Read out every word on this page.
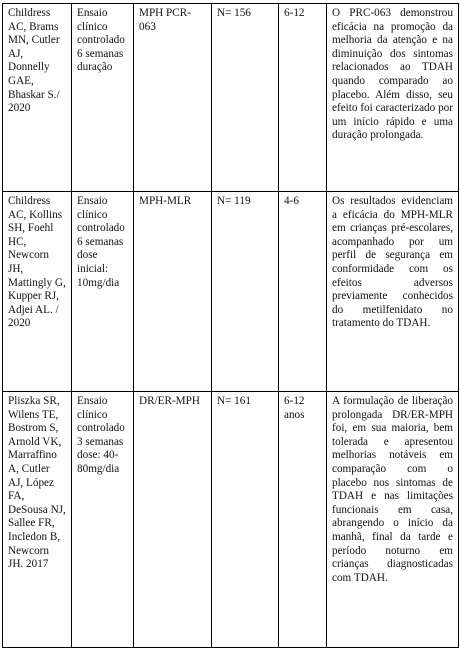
Childress AC, Brams MN, Cutler AJ, Donnelly GAE, Bhaskar S./ 2020	Ensaio clínico controlado 6 semanas duração	MPH PCR-063	N= 156	6-12	O PRC-063 demonstrou eficácia na promoção da melhoria da atenção e na diminuição dos sintomas relacionados ao TDAH quando comparado ao placebo. Além disso, seu efeito foi caracterizado por um início rápido e uma duração prolongada.
Childress AC, Kollins SH, Foehl HC, Newcorn JH, Mattingly G, Kupper RJ, Adjei AL. / 2020	Ensaio clínico controlado 6 semanas dose inicial: 10mg/dia	MPH-MLR	N= 119	4-6	Os resultados evidenciam a eficácia do MPH-MLR em crianças pré-escolares, acompanhado por um perfil de segurança em conformidade com os efeitos adversos previamente conhecidos do metilfenidato no tratamento do TDAH.
Pliszka SR, Wilens TE, Bostrom S, Arnold VK, Marraffino A, Cutler AJ, López FA, DeSousa NJ, Sallee FR, Incledon B, Newcorn JH. 2017	Ensaio clínico controlado 3 semanas dose: 40-80mg/dia	DR/ER-MPH	N= 161	6-12 anos	A formulação de liberação prolongada DR/ER-MPH foi, em sua maioria, bem tolerada e apresentou melhorias notáveis em comparação com o placebo nos sintomas de TDAH e nas limitações funcionais em casa, abrangendo o início da manhã, final da tarde e período noturno em crianças diagnosticadas com TDAH.
